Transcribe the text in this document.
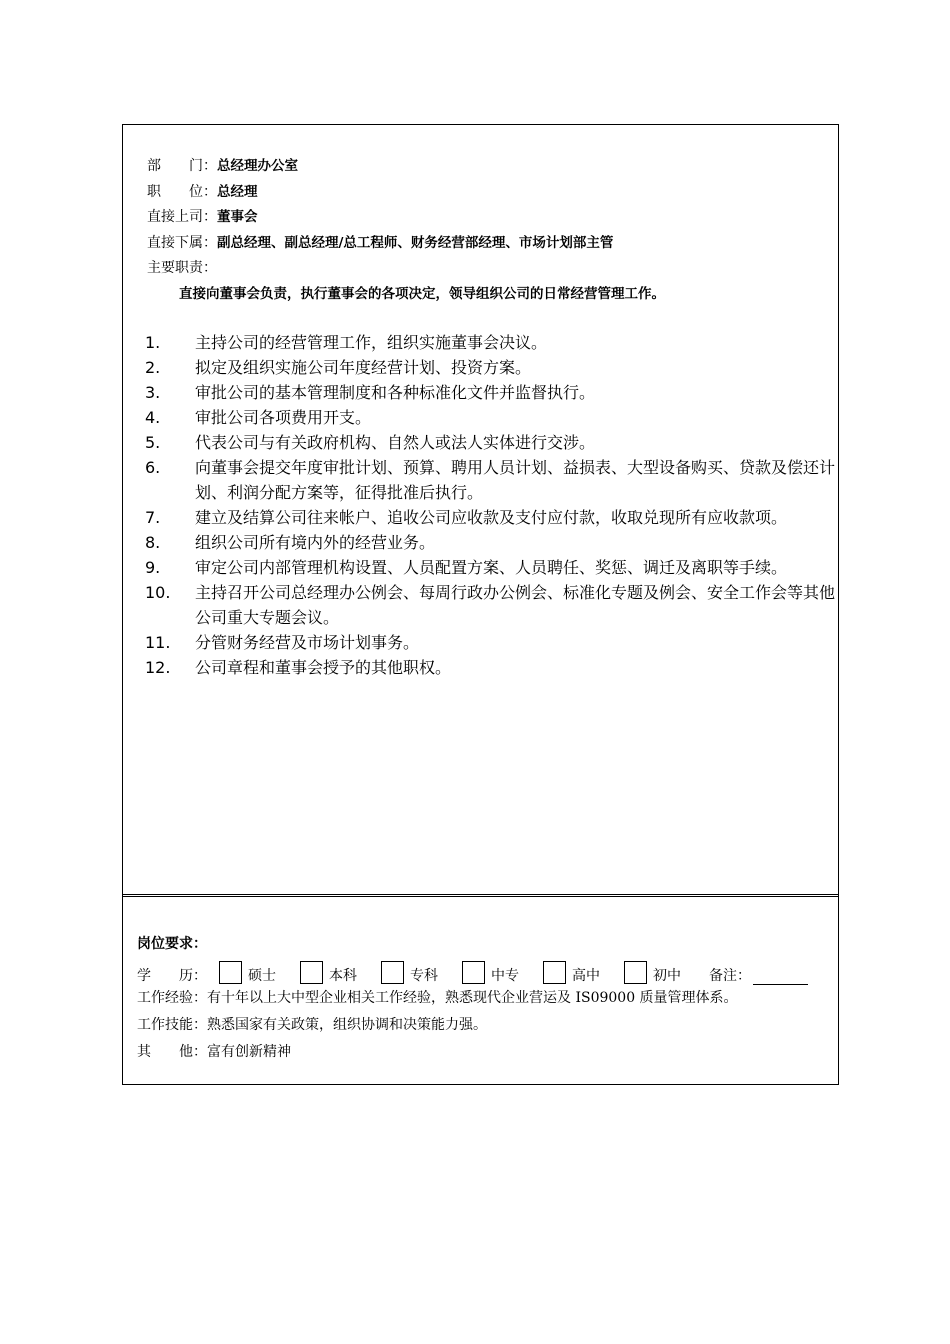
部　　门：总经理办公室
职　　位：总经理
直接上司：董事会
直接下属：副总经理、副总经理/总工程师、财务经营部经理、市场计划部主管
主要职责：
直接向董事会负责，执行董事会的各项决定，领导组织公司的日常经营管理工作。
1.	主持公司的经营管理工作，组织实施董事会决议。
2.	拟定及组织实施公司年度经营计划、投资方案。
3.	审批公司的基本管理制度和各种标准化文件并监督执行。
4.	审批公司各项费用开支。
5.	代表公司与有关政府机构、自然人或法人实体进行交涉。
6.	向董事会提交年度审批计划、预算、聘用人员计划、益损表、大型设备购买、贷款及偿还计划、利润分配方案等，征得批准后执行。
7.	建立及结算公司往来帐户、追收公司应收款及支付应付款，收取兑现所有应收款项。
8.	组织公司所有境内外的经营业务。
9.	审定公司内部管理机构设置、人员配置方案、人员聘任、奖惩、调迁及离职等手续。
10.	主持召开公司总经理办公例会、每周行政办公例会、标准化专题及例会、安全工作会等其他公司重大专题会议。
11.	分管财务经营及市场计划事务。
12.	公司章程和董事会授予的其他职权。
岗位要求：
学　　历：	硕士	本科	专科	中专	高中	初中 备注：
工作经验：有十年以上大中型企业相关工作经验，熟悉现代企业营运及 IS09000 质量管理体系。
工作技能：熟悉国家有关政策，组织协调和决策能力强。
其　　他：富有创新精神
